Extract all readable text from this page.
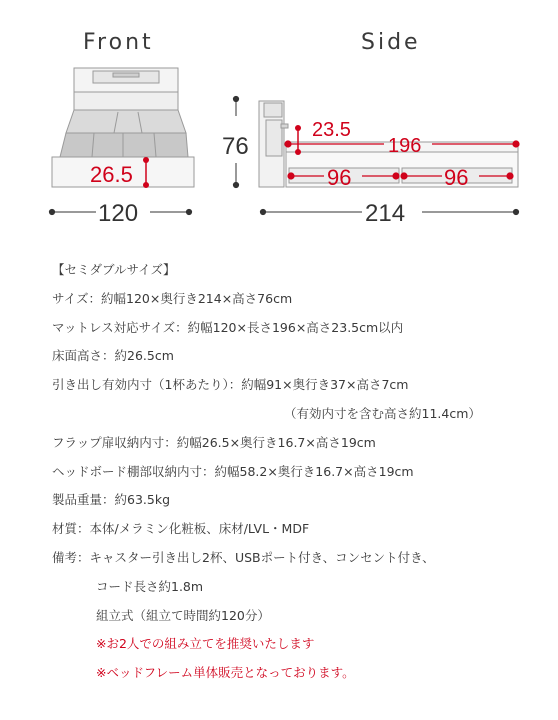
Front	Side
26.5
120
76
23.5
196
96	96
214
【セミダブルサイズ】
サイズ：約幅120×奥行き214×高さ76cm
マットレス対応サイズ：約幅120×長さ196×高さ23.5cm以内
床面高さ：約26.5cm
引き出し有効内寸（1杯あたり）：約幅91×奥行き37×高さ7cm
（有効内寸を含む高さ約11.4cm）
フラップ扉収納内寸：約幅26.5×奥行き16.7×高さ19cm
ヘッドボード棚部収納内寸：約幅58.2×奥行き16.7×高さ19cm
製品重量：約63.5kg
材質：本体/メラミン化粧板、床材/LVL・MDF
備考：キャスター引き出し2杯、USBポート付き、コンセント付き、
コード長さ約1.8m
組立式（組立て時間約120分）
※お2人での組み立てを推奨いたします
※ベッドフレーム単体販売となっております。
